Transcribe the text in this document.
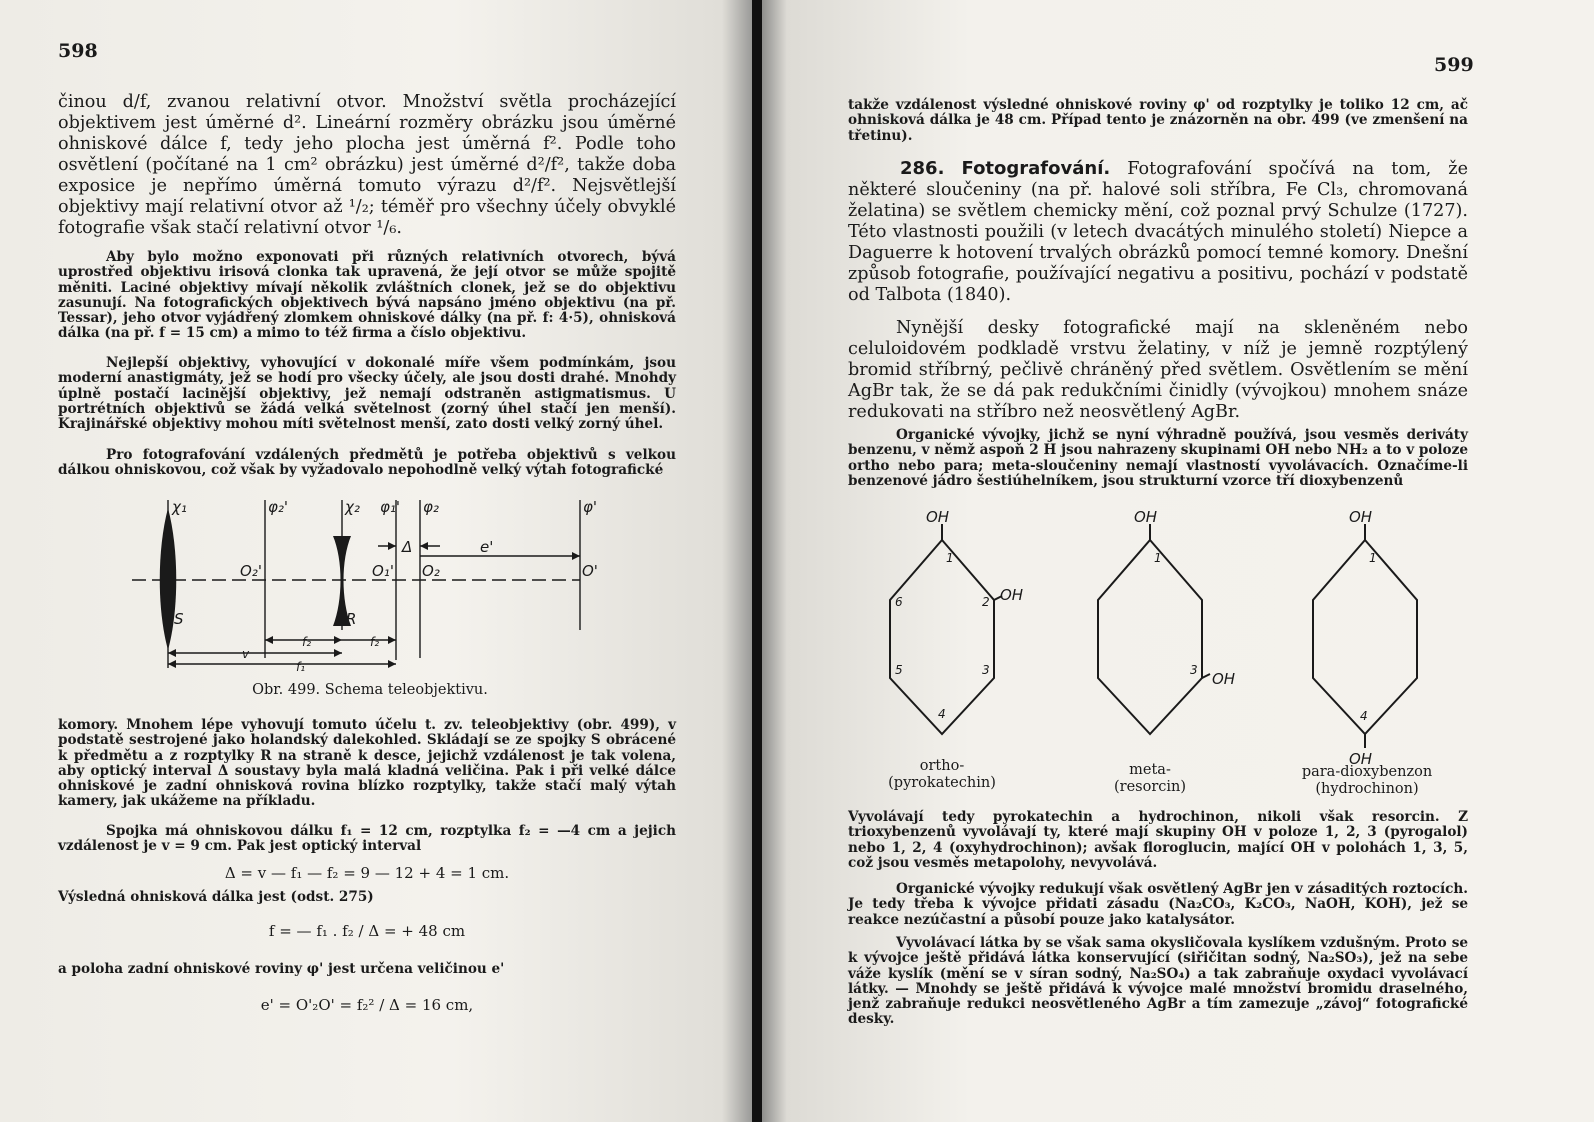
598

činou d/f, zvanou relativní otvor. Množství světla procházející objektivem jest úměrné d². Lineární rozměry obrázku jsou úměrné ohniskové dálce f, tedy jeho plocha jest úměrná f². Podle toho osvětlení (počítané na 1 cm² obrázku) jest úměrné d²/f², takže doba exposice je nepřímo úměrná tomuto výrazu d²/f². Nejsvětlejší objektivy mají relativní otvor až ¹/₂; téměř pro všechny účely obvyklé fotografie však stačí relativní otvor ¹/₆.

Aby bylo možno exponovati při různých relativních otvorech, bývá uprostřed objektivu irisová clonka tak upravená, že její otvor se může spojitě měniti. Laciné objektivy mívají několik zvláštních clonek, jež se do objektivu zasunují. Na fotografických objektivech bývá napsáno jméno objektivu (na př. Tessar), jeho otvor vyjádřený zlomkem ohniskové dálky (na př. f: 4·5), ohnisková dálka (na př. f = 15 cm) a mimo to též firma a číslo objektivu.

Nejlepší objektivy, vyhovující v dokonalé míře všem podmínkám, jsou moderní anastigmáty, jež se hodí pro všecky účely, ale jsou dosti drahé. Mnohdy úplně postačí lacinější objektivy, jež nemají odstraněn astigmatismus. U portrétních objektivů se žádá velká světelnost (zorný úhel stačí jen menší). Krajinářské objektivy mohou míti světelnost menší, zato dosti velký zorný úhel.

Pro fotografování vzdálených předmětů je potřeba objektivů s velkou dálkou ohniskovou, což však by vyžadovalo nepohodlně velký výtah fotografické

χ₁	φ₂'	χ₂ φ₁' φ₂	φ'
Δ	e'
O₂'	O₁' O₂	O'
S	R
f₂	f₂
v
f₁
Obr. 499. Schema teleobjektivu.

komory. Mnohem lépe vyhovují tomuto účelu t. zv. teleobjektivy (obr. 499), v podstatě sestrojené jako holandský dalekohled. Skládají se ze spojky S obrácené k předmětu a z rozptylky R na straně k desce, jejichž vzdálenost je tak volena, aby optický interval Δ soustavy byla malá kladná veličina. Pak i při velké dálce ohniskové je zadní ohnisková rovina blízko rozptylky, takže stačí malý výtah kamery, jak ukážeme na příkladu.

Spojka má ohniskovou dálku f₁ = 12 cm, rozptylka f₂ = —4 cm a jejich vzdálenost je v = 9 cm. Pak jest optický interval

Δ = v — f₁ — f₂ = 9 — 12 + 4 = 1 cm.

Výsledná ohnisková dálka jest (odst. 275)

f = — f₁ . f₂ / Δ = + 48 cm

a poloha zadní ohniskové roviny φ' jest určena veličinou e'

e' = O'₂O' = f₂² / Δ = 16 cm,
599

takže vzdálenost výsledné ohniskové roviny φ' od rozptylky je toliko 12 cm, ač ohnisková dálka je 48 cm. Případ tento je znázorněn na obr. 499 (ve zmenšení na třetinu).

286. Fotografování. Fotografování spočívá na tom, že některé sloučeniny (na př. halové soli stříbra, Fe Cl₃, chromovaná želatina) se světlem chemicky mění, což poznal prvý Schulze (1727). Této vlastnosti použili (v letech dvacátých minulého století) Niepce a Daguerre k hotovení trvalých obrázků pomocí temné komory. Dnešní způsob fotografie, používající negativu a positivu, pochází v podstatě od Talbota (1840).

Nynější desky fotografické mají na skleněném nebo celuloidovém podkladě vrstvu želatiny, v níž je jemně rozptýlený bromid stříbrný, pečlivě chráněný před světlem. Osvětlením se mění AgBr tak, že se dá pak redukčními činidly (vývojkou) mnohem snáze redukovati na stříbro než neosvětlený AgBr.

Organické vývojky, jichž se nyní výhradně používá, jsou vesměs deriváty benzenu, v němž aspoň 2 H jsou nahrazeny skupinami OH nebo NH₂ a to v poloze ortho nebo para; meta-sloučeniny nemají vlastností vyvolávacích. Označíme-li benzenové jádro šestiúhelníkem, jsou strukturní vzorce tří dioxybenzenů

OH
OH
1
2
3
4
5
6
OH
OH
1
3
OH
OH
1
4
ortho-
(pyrokatechin)
meta-
(resorcin)
para-dioxybenzon
(hydrochinon)

Vyvolávají tedy pyrokatechin a hydrochinon, nikoli však resorcin. Z trioxybenzenů vyvolávají ty, které mají skupiny OH v poloze 1, 2, 3 (pyrogalol) nebo 1, 2, 4 (oxyhydrochinon); avšak floroglucin, mající OH v polohách 1, 3, 5, což jsou vesměs metapolohy, nevyvolává.

Organické vývojky redukují však osvětlený AgBr jen v zásaditých roztocích. Je tedy třeba k vývojce přidati zásadu (Na₂CO₃, K₂CO₃, NaOH, KOH), jež se reakce nezúčastní a působí pouze jako katalysátor.

Vyvolávací látka by se však sama okysličovala kyslíkem vzdušným. Proto se k vývojce ještě přidává látka konservující (siřičitan sodný, Na₂SO₃), jež na sebe váže kyslík (mění se v síran sodný, Na₂SO₄) a tak zabraňuje oxydaci vyvolávací látky. — Mnohdy se ještě přidává k vývojce malé množství bromidu draselného, jenž zabraňuje redukci neosvětleného AgBr a tím zamezuje „závoj“ fotografické desky.
